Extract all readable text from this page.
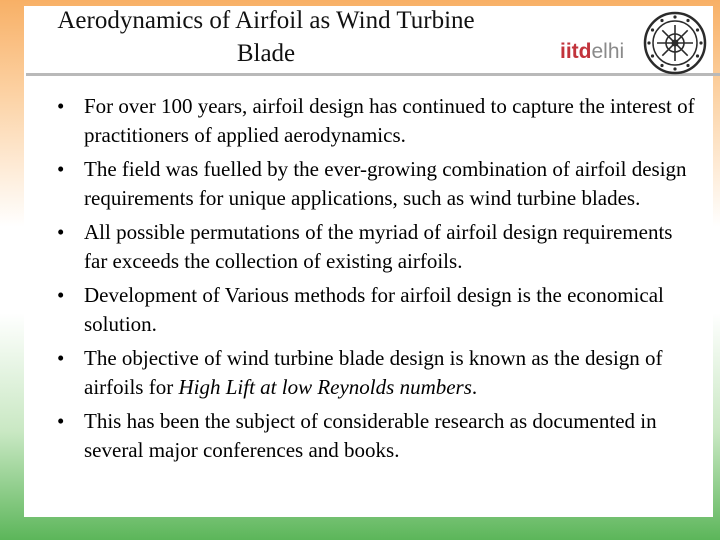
Aerodynamics of Airfoil as Wind Turbine Blade	iitdelhi
• For over 100 years, airfoil design has continued to capture the interest of practitioners of applied aerodynamics.
• The field was fuelled by the ever-growing combination of airfoil design requirements for unique applications, such as wind turbine blades.
• All possible permutations of the myriad of airfoil design requirements far exceeds the collection of existing airfoils.
• Development of Various methods for airfoil design is the economical solution.
• The objective of wind turbine blade design is known as the design of airfoils for High Lift at low Reynolds numbers.
• This has been the subject of considerable research as documented in several major conferences and books.
